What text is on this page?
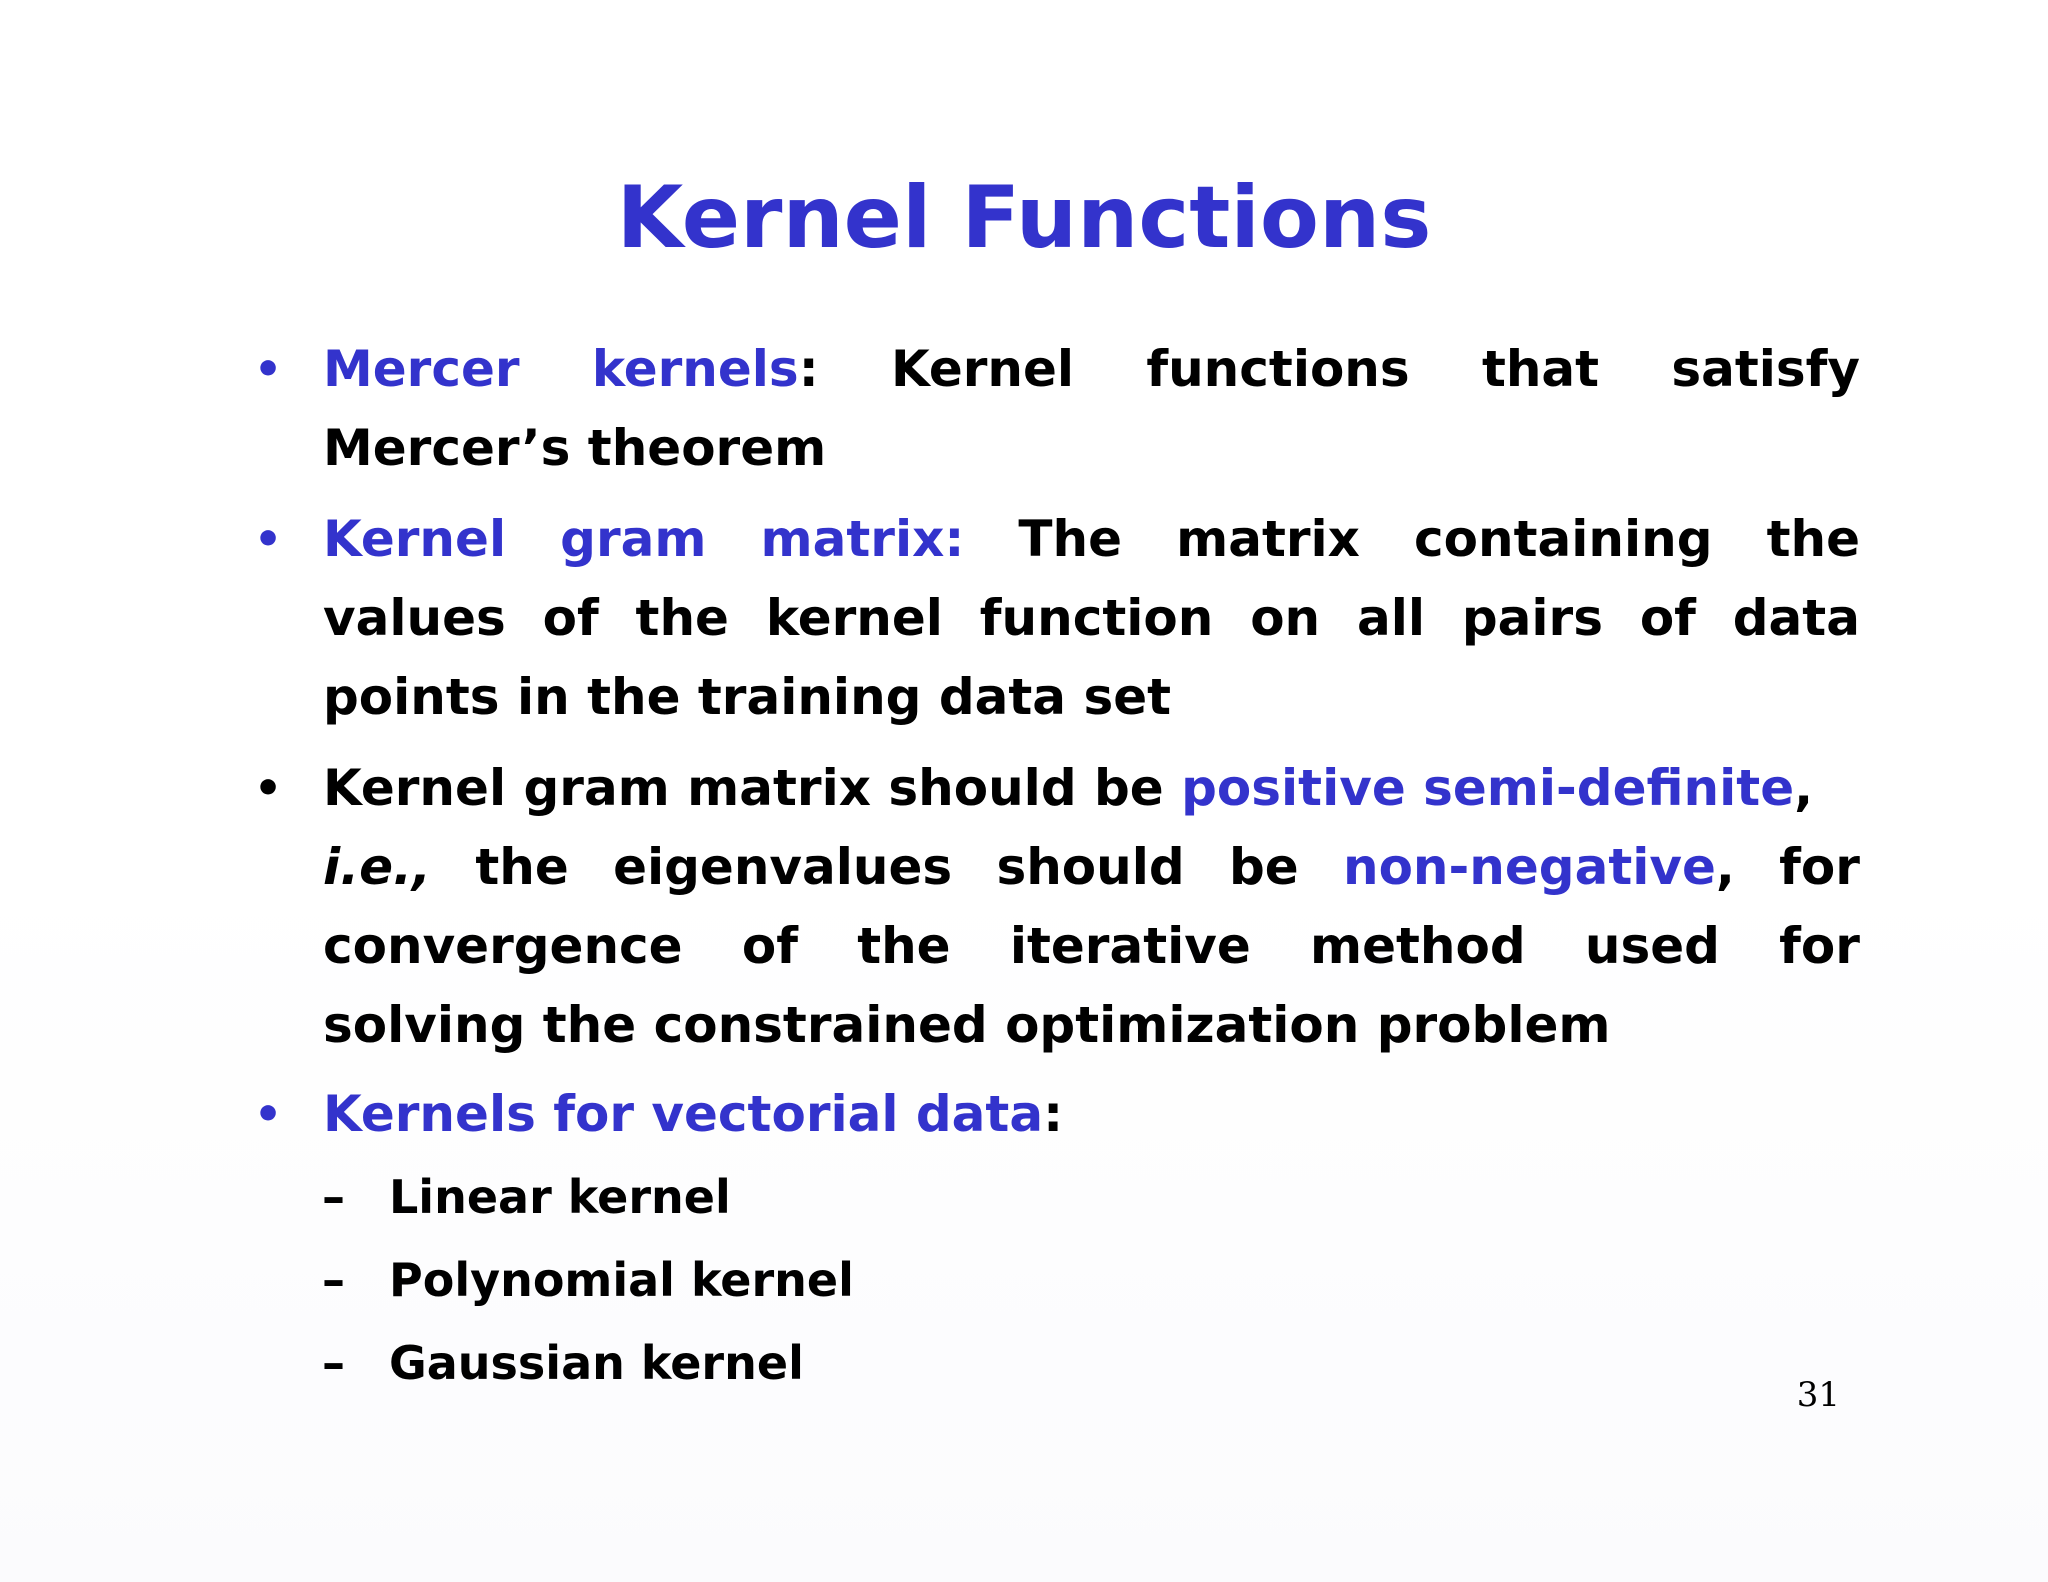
Kernel Functions
• Mercer kernels: Kernel functions that satisfy
Mercer’s theorem
• Kernel gram matrix: The matrix containing the
values of the kernel function on all pairs of data
points in the training data set
• Kernel gram matrix should be positive semi-definite,
i.e., the eigenvalues should be non-negative, for
convergence of the iterative method used for
solving the constrained optimization problem
• Kernels for vectorial data:
– Linear kernel
– Polynomial kernel
– Gaussian kernel
31
